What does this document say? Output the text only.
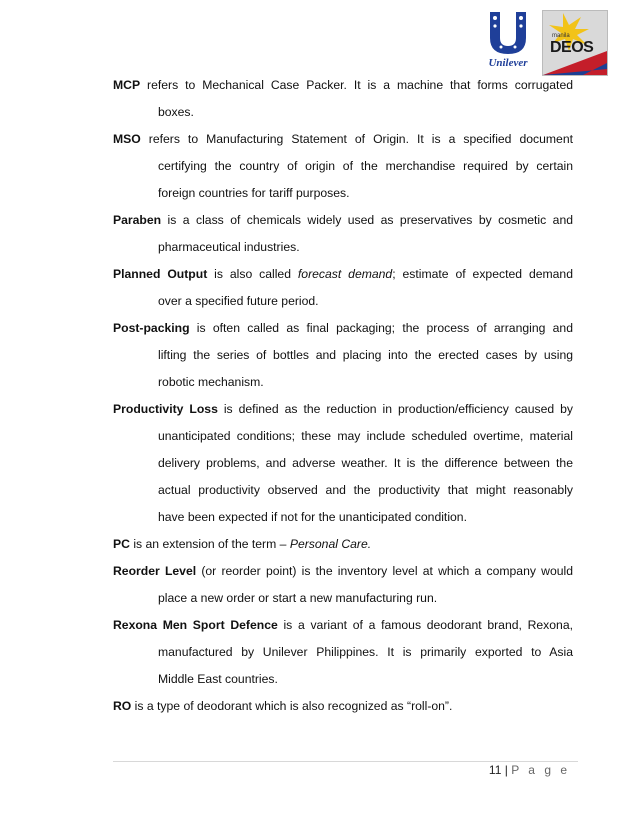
Unilever
manila
DEOS

MCP refers to Mechanical Case Packer. It is a machine that forms corrugated
boxes.

MSO refers to Manufacturing Statement of Origin. It is a specified document
certifying the country of origin of the merchandise required by certain
foreign countries for tariff purposes.

Paraben is a class of chemicals widely used as preservatives by cosmetic and
pharmaceutical industries.

Planned Output is also called forecast demand; estimate of expected demand
over a specified future period.

Post-packing is often called as final packaging; the process of arranging and
lifting the series of bottles and placing into the erected cases by using
robotic mechanism.

Productivity Loss is defined as the reduction in production/efficiency caused by
unanticipated conditions; these may include scheduled overtime, material
delivery problems, and adverse weather. It is the difference between the
actual productivity observed and the productivity that might reasonably
have been expected if not for the unanticipated condition.

PC is an extension of the term – Personal Care.

Reorder Level (or reorder point) is the inventory level at which a company would
place a new order or start a new manufacturing run.

Rexona Men Sport Defence is a variant of a famous deodorant brand, Rexona,
manufactured by Unilever Philippines. It is primarily exported to Asia
Middle East countries.

RO is a type of deodorant which is also recognized as “roll-on”.

11 | P a g e
